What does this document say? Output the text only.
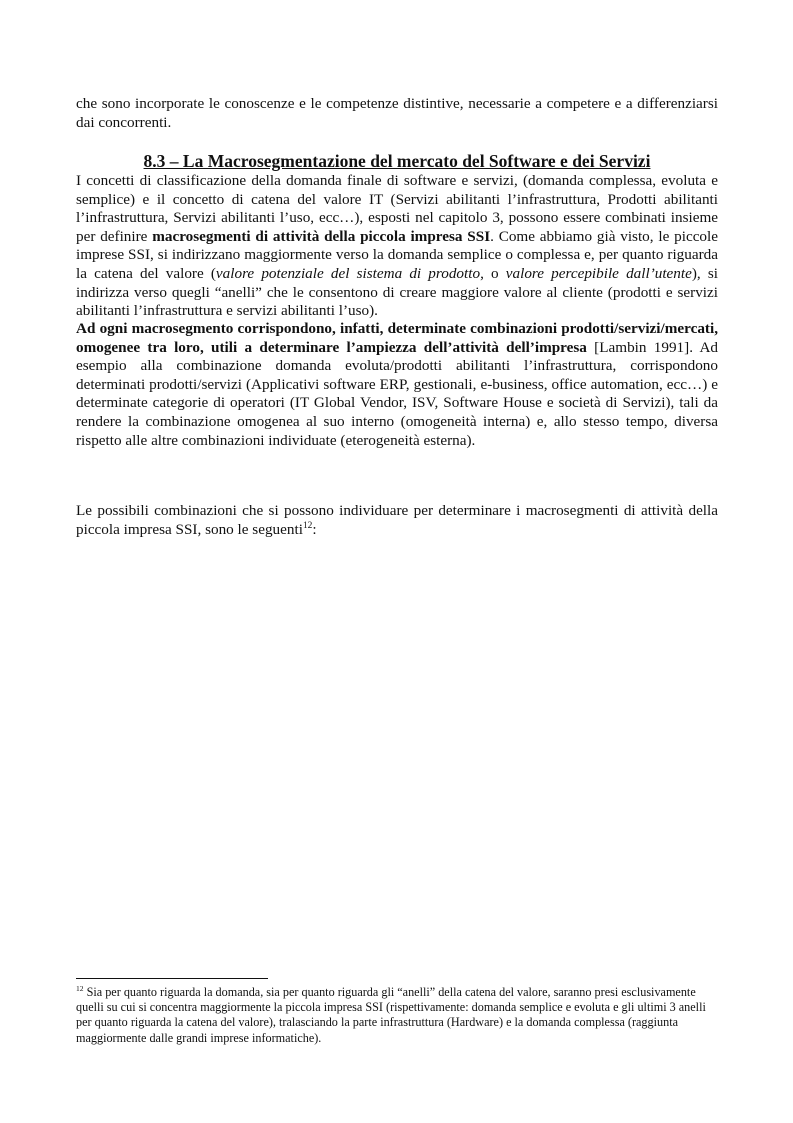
che sono incorporate le conoscenze e le competenze distintive, necessarie a competere e a differenziarsi dai concorrenti.

8.3 – La Macrosegmentazione del mercato del Software e dei Servizi

I concetti di classificazione della domanda finale di software e servizi, (domanda complessa, evoluta e semplice) e il concetto di catena del valore IT (Servizi abilitanti l’infrastruttura, Prodotti abilitanti l’infrastruttura, Servizi abilitanti l’uso, ecc…), esposti nel capitolo 3, possono essere combinati insieme per definire macrosegmenti di attività della piccola impresa SSI. Come abbiamo già visto, le piccole imprese SSI, si indirizzano maggiormente verso la domanda semplice o complessa e, per quanto riguarda la catena del valore (valore potenziale del sistema di prodotto, o valore percepibile dall’utente), si indirizza verso quegli “anelli” che le consentono di creare maggiore valore al cliente (prodotti e servizi abilitanti l’infrastruttura e servizi abilitanti l’uso).

Ad ogni macrosegmento corrispondono, infatti, determinate combinazioni prodotti/servizi/mercati, omogenee tra loro, utili a determinare l’ampiezza dell’attività dell’impresa [Lambin 1991]. Ad esempio alla combinazione domanda evoluta/prodotti abilitanti l’infrastruttura, corrispondono determinati prodotti/servizi (Applicativi software ERP, gestionali, e-business, office automation, ecc…) e determinate categorie di operatori (IT Global Vendor, ISV, Software House e società di Servizi), tali da rendere la combinazione omogenea al suo interno (omogeneità interna) e, allo stesso tempo, diversa rispetto alle altre combinazioni individuate (eterogeneità esterna).

Le possibili combinazioni che si possono individuare per determinare i macrosegmenti di attività della piccola impresa SSI, sono le seguenti$^{12}$:

$^{12}$ Sia per quanto riguarda la domanda, sia per quanto riguarda gli “anelli” della catena del valore, saranno presi esclusivamente quelli su cui si concentra maggiormente la piccola impresa SSI (rispettivamente: domanda semplice e evoluta e gli ultimi 3 anelli per quanto riguarda la catena del valore), tralasciando la parte infrastruttura (Hardware) e la domanda complessa (raggiunta maggiormente dalle grandi imprese informatiche).
